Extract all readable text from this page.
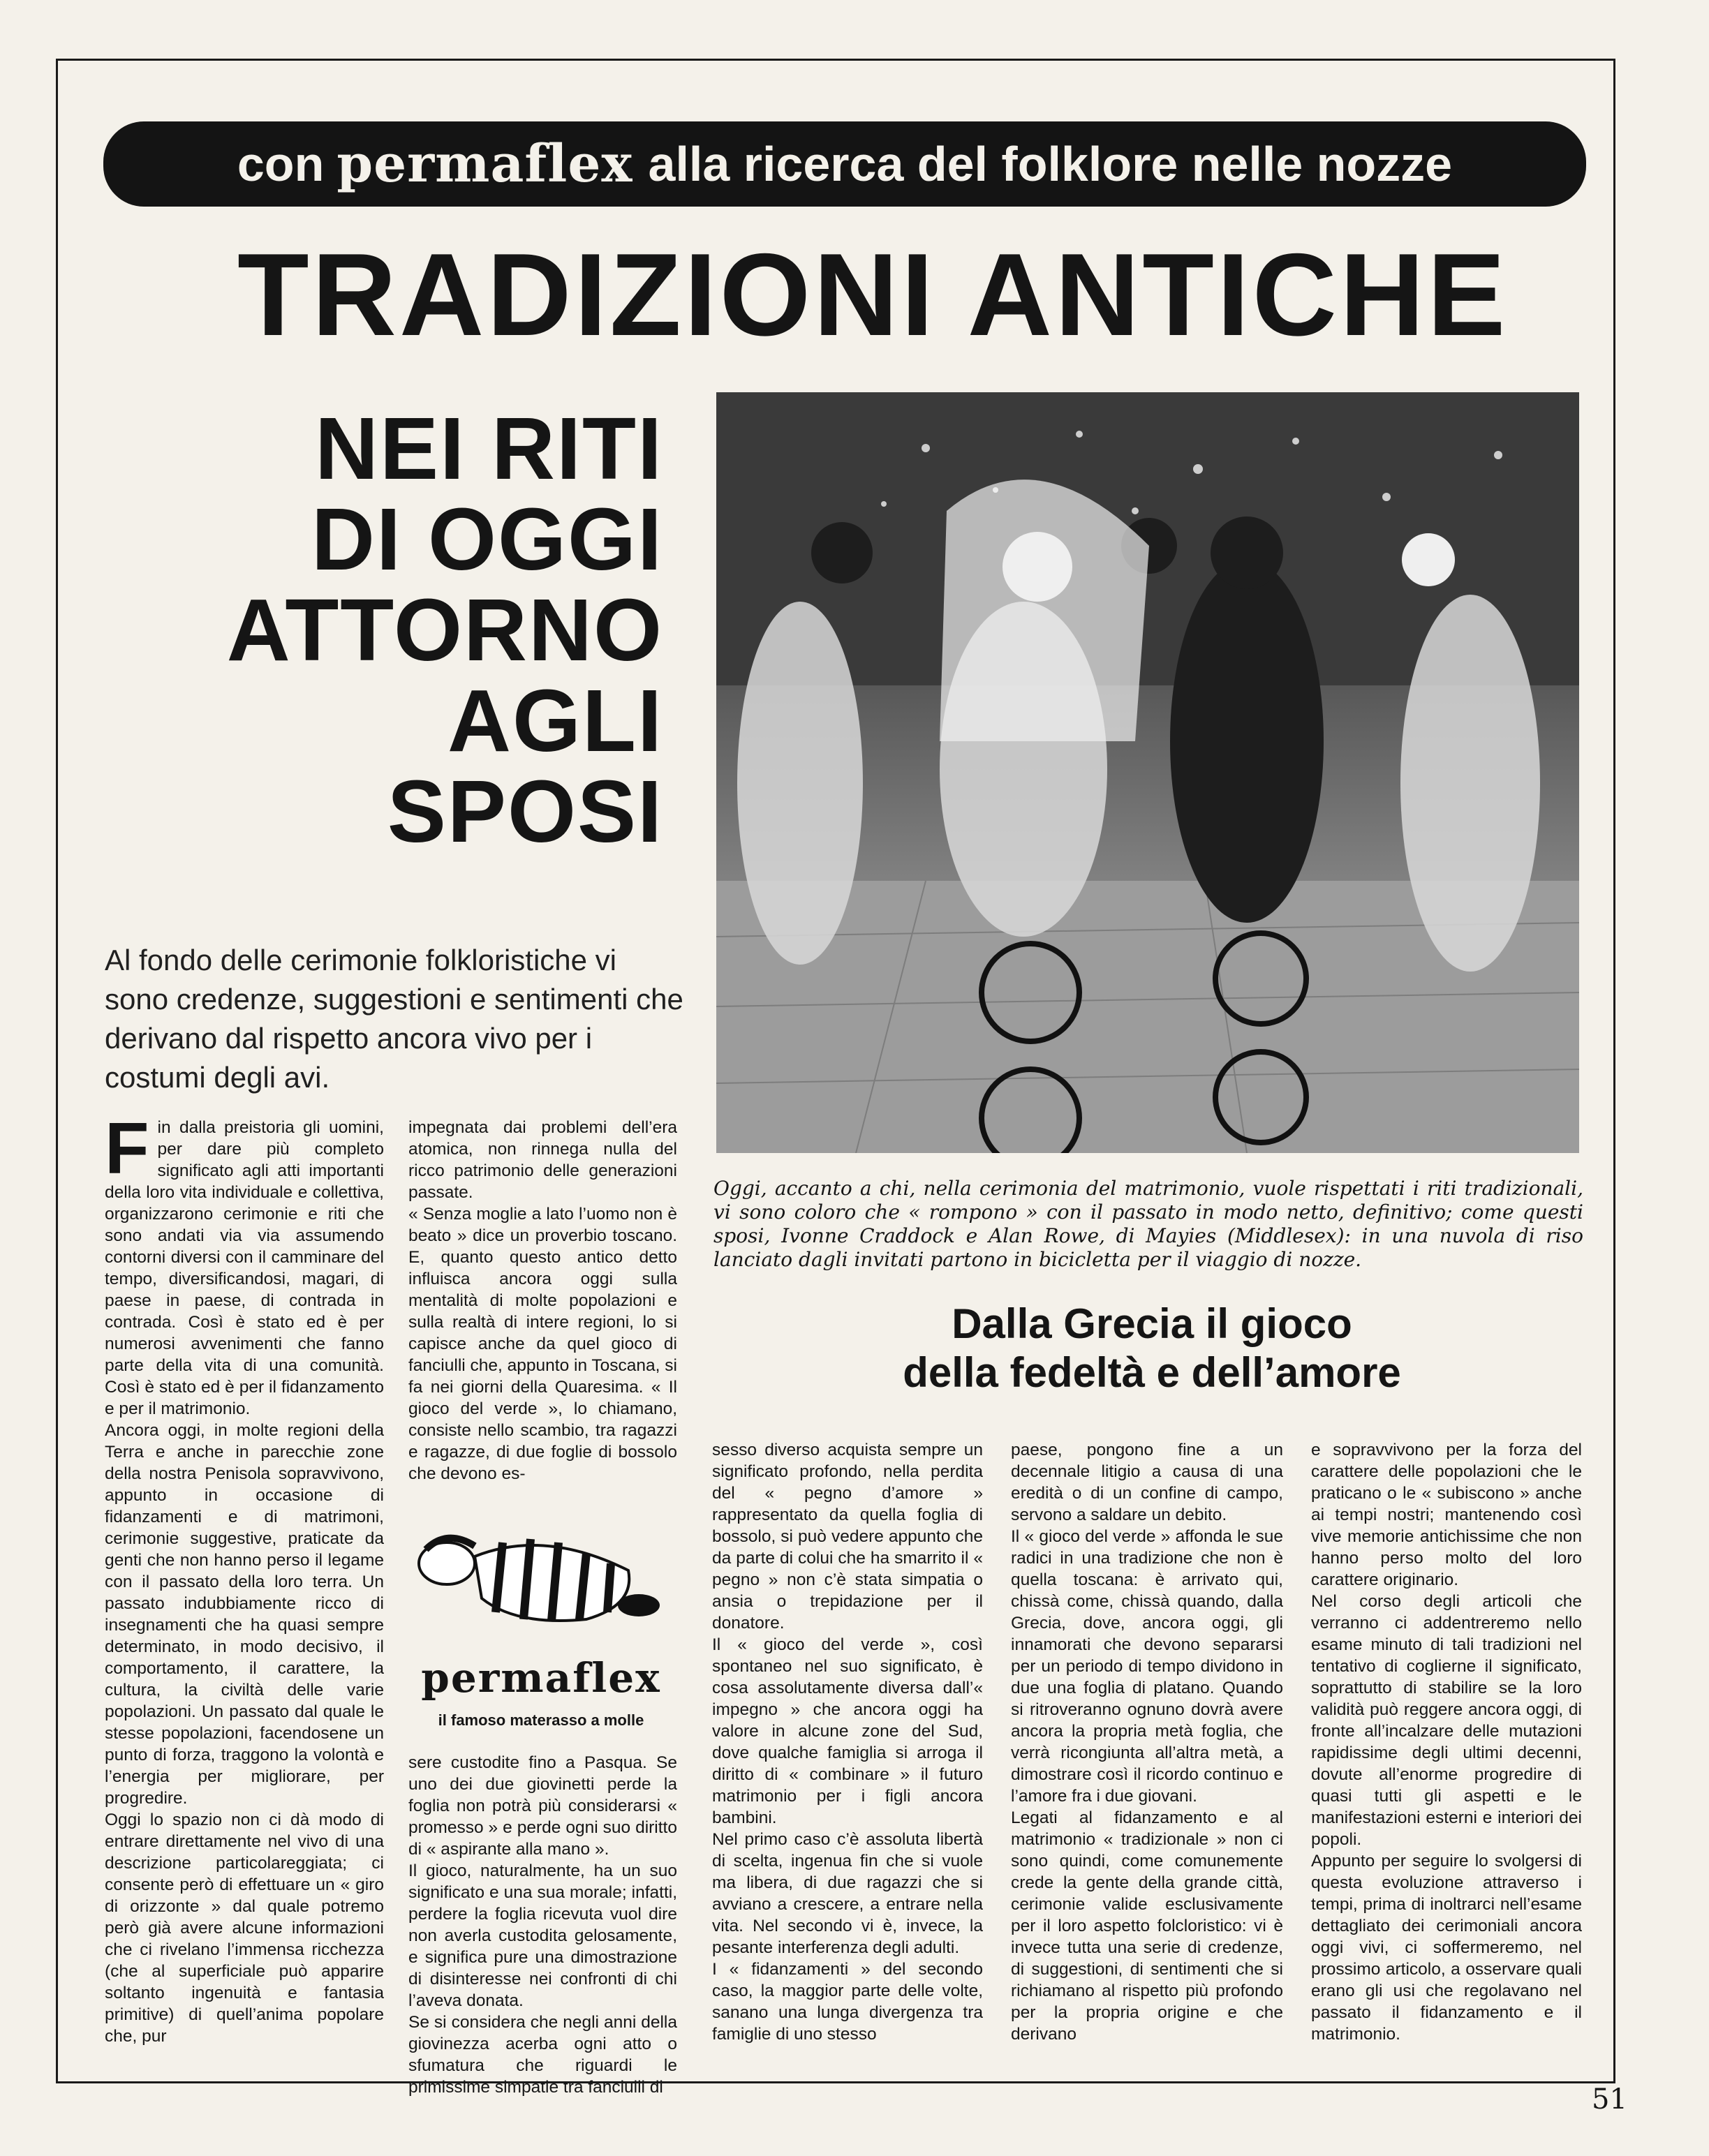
con permaflex alla ricerca del folklore nelle nozze
TRADIZIONI ANTICHE
NEI RITI
DI OGGI
ATTORNO
AGLI
SPOSI
Al fondo delle cerimonie folkloristiche vi sono credenze, suggestioni e sentimenti che derivano dal rispetto ancora vivo per i costumi degli avi.
Oggi, accanto a chi, nella cerimonia del matrimonio, vuole rispettati i riti tradizionali, vi sono coloro che « rompono » con il passato in modo netto, definitivo; come questi sposi, Ivonne Craddock e Alan Rowe, di Mayies (Middlesex): in una nuvola di riso lanciato dagli invitati partono in bicicletta per il viaggio di nozze.
Dalla Grecia il gioco
della fedeltà e dell’amore
Fin dalla preistoria gli uomini, per dare più completo significato agli atti importanti della loro vita individuale e collettiva, organizzarono cerimonie e riti che sono andati via via assumendo contorni diversi con il camminare del tempo, diversificandosi, magari, di paese in paese, di contrada in contrada. Così è stato ed è per numerosi avvenimenti che fanno parte della vita di una comunità. Così è stato ed è per il fidanzamento e per il matrimonio.
Ancora oggi, in molte regioni della Terra e anche in parecchie zone della nostra Penisola sopravvivono, appunto in occasione di fidanzamenti e di matrimoni, cerimonie suggestive, praticate da genti che non hanno perso il legame con il passato della loro terra. Un passato indubbiamente ricco di insegnamenti che ha quasi sempre determinato, in modo decisivo, il comportamento, il carattere, la cultura, la civiltà delle varie popolazioni. Un passato dal quale le stesse popolazioni, facendosene un punto di forza, traggono la volontà e l’energia per migliorare, per progredire.
Oggi lo spazio non ci dà modo di entrare direttamente nel vivo di una descrizione particolareggiata; ci consente però di effettuare un « giro di orizzonte » dal quale potremo però già avere alcune informazioni che ci rivelano l’immensa ricchezza (che al superficiale può apparire soltanto ingenuità e fantasia primitive) di quell’anima popolare che, pur
impegnata dai problemi dell’era atomica, non rinnega nulla del ricco patrimonio delle generazioni passate.
« Senza moglie a lato l’uomo non è beato » dice un proverbio toscano. E, quanto questo antico detto influisca ancora oggi sulla mentalità di molte popolazioni e sulla realtà di intere regioni, lo si capisce anche da quel gioco di fanciulli che, appunto in Toscana, si fa nei giorni della Quaresima. « Il gioco del verde », lo chiamano, consiste nello scambio, tra ragazzi e ragazze, di due foglie di bossolo che devono es-
permaflex
il famoso materasso a molle
sere custodite fino a Pasqua. Se uno dei due giovinetti perde la foglia non potrà più considerarsi « promesso » e perde ogni suo diritto di « aspirante alla mano ».
Il gioco, naturalmente, ha un suo significato e una sua morale; infatti, perdere la foglia ricevuta vuol dire non averla custodita gelosamente, e significa pure una dimostrazione di disinteresse nei confronti di chi l’aveva donata.
Se si considera che negli anni della giovinezza acerba ogni atto o sfumatura che riguardi le primissime simpatie tra fanciulli di
sesso diverso acquista sempre un significato profondo, nella perdita del « pegno d’amore » rappresentato da quella foglia di bossolo, si può vedere appunto che da parte di colui che ha smarrito il « pegno » non c’è stata simpatia o ansia o trepidazione per il donatore.
Il « gioco del verde », così spontaneo nel suo significato, è cosa assolutamente diversa dall’« impegno » che ancora oggi ha valore in alcune zone del Sud, dove qualche famiglia si arroga il diritto di « combinare » il futuro matrimonio per i figli ancora bambini.
Nel primo caso c’è assoluta libertà di scelta, ingenua fin che si vuole ma libera, di due ragazzi che si avviano a crescere, a entrare nella vita. Nel secondo vi è, invece, la pesante interferenza degli adulti.
I « fidanzamenti » del secondo caso, la maggior parte delle volte, sanano una lunga divergenza tra famiglie di uno stesso
paese, pongono fine a un decennale litigio a causa di una eredità o di un confine di campo, servono a saldare un debito.
Il « gioco del verde » affonda le sue radici in una tradizione che non è quella toscana: è arrivato qui, chissà come, chissà quando, dalla Grecia, dove, ancora oggi, gli innamorati che devono separarsi per un periodo di tempo dividono in due una foglia di platano. Quando si ritroveranno ognuno dovrà avere ancora la propria metà foglia, che verrà ricongiunta all’altra metà, a dimostrare così il ricordo continuo e l’amore fra i due giovani.
Legati al fidanzamento e al matrimonio « tradizionale » non ci sono quindi, come comunemente crede la gente della grande città, cerimonie valide esclusivamente per il loro aspetto folcloristico: vi è invece tutta una serie di credenze, di suggestioni, di sentimenti che si richiamano al rispetto più profondo per la propria origine e che derivano
e sopravvivono per la forza del carattere delle popolazioni che le praticano o le « subiscono » anche ai tempi nostri; mantenendo così vive memorie antichissime che non hanno perso molto del loro carattere originario.
Nel corso degli articoli che verranno ci addentreremo nello esame minuto di tali tradizioni nel tentativo di coglierne il significato, soprattutto di stabilire se la loro validità può reggere ancora oggi, di fronte all’incalzare delle mutazioni rapidissime degli ultimi decenni, dovute all’enorme progredire di quasi tutti gli aspetti e le manifestazioni esterni e interiori dei popoli.
Appunto per seguire lo svolgersi di questa evoluzione attraverso i tempi, prima di inoltrarci nell’esame dettagliato dei cerimoniali ancora oggi vivi, ci soffermeremo, nel prossimo articolo, a osservare quali erano gli usi che regolavano nel passato il fidanzamento e il matrimonio.
51
